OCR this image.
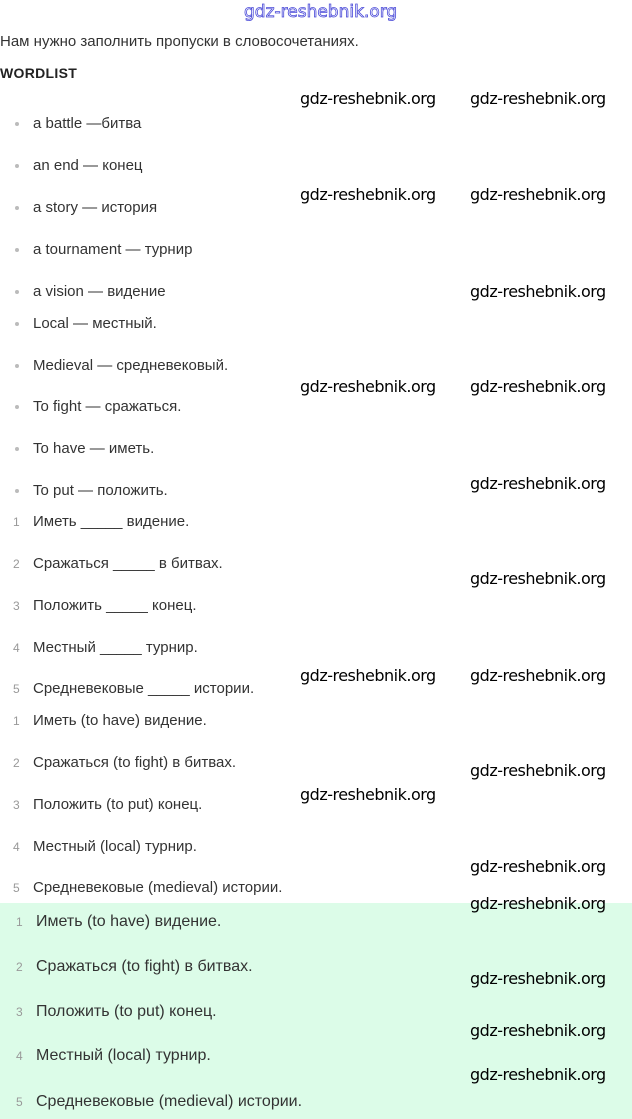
gdz-reshebnik.org
Нам нужно заполнить пропуски в словосочетаниях.
WORDLIST
1 Иметь (to have) видение.
2 Сражаться (to fight) в битвах.
3 Положить (to put) конец.
4 Местный (local) турнир.
5 Средневековые (medieval) истории.
a battle —битва
an end — конец
a story — история
a tournament — турнир
a vision — видение
Local — местный.
Medieval — средневековый.
To fight — сражаться.
To have — иметь.
To put — положить.
1 Иметь _____ видение.
2 Сражаться _____ в битвах.
3 Положить _____ конец.
4 Местный _____ турнир.
5 Средневековые _____ истории.
1 Иметь (to have) видение.
2 Сражаться (to fight) в битвах.
3 Положить (to put) конец.
4 Местный (local) турнир.
5 Средневековые (medieval) истории.
gdz-reshebnik.org gdz-reshebnik.org
gdz-reshebnik.org gdz-reshebnik.org
gdz-reshebnik.org
gdz-reshebnik.org gdz-reshebnik.org
gdz-reshebnik.org
gdz-reshebnik.org
gdz-reshebnik.org gdz-reshebnik.org
gdz-reshebnik.org
gdz-reshebnik.org
gdz-reshebnik.org
gdz-reshebnik.org
gdz-reshebnik.org
gdz-reshebnik.org
gdz-reshebnik.org
